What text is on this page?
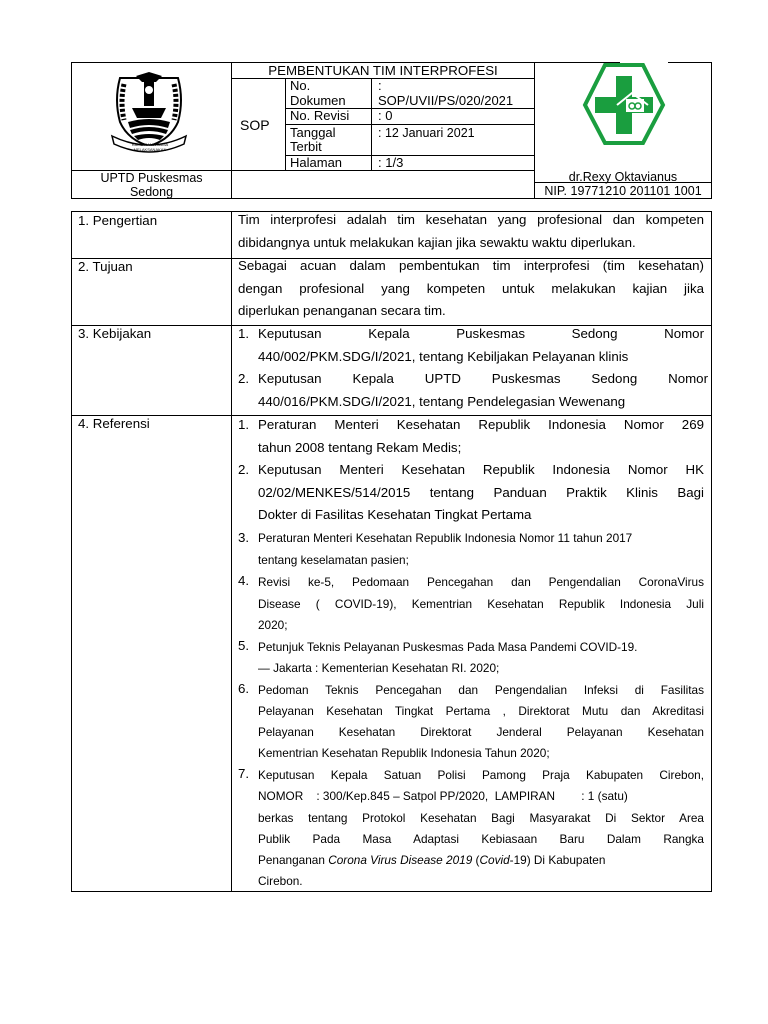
RAME RAMA SAMA MELAKSANAKAN
PEMBENTUKAN TIM INTERPROFESI
SOP
No.
Dokumen
:
SOP/UVII/PS/020/2021
No. Revisi : 0
Tanggal
Terbit
: 12 Januari 2021
Halaman	: 1/3
UPTD Puskesmas
Sedong
dr.Rexy Oktavianus
NIP. 19771210 201101 1001
1. Pengertian
2. Tujuan
3. Kebijakan
4. Referensi
Tim interprofesi adalah tim kesehatan yang profesional dan kompeten
dibidangnya untuk melakukan kajian jika sewaktu waktu diperlukan.
Sebagai acuan dalam pembentukan tim interprofesi (tim kesehatan)
dengan profesional yang kompeten untuk melakukan kajian jika
diperlukan penanganan secara tim.
1. Keputusan Kepala Puskesmas Sedong Nomor
440/002/PKM.SDG/I/2021, tentang Kebiljakan Pelayanan klinis
2. Keputusan Kepala UPTD Puskesmas Sedong Nomor
440/016/PKM.SDG/I/2021, tentang Pendelegasian Wewenang
1. Peraturan Menteri Kesehatan Republik Indonesia Nomor 269
tahun 2008 tentang Rekam Medis;
2. Keputusan Menteri Kesehatan Republik Indonesia Nomor HK
02/02/MENKES/514/2015 tentang Panduan Praktik Klinis Bagi
Dokter di Fasilitas Kesehatan Tingkat Pertama
3. Peraturan Menteri Kesehatan Republik Indonesia Nomor 11 tahun 2017
tentang keselamatan pasien;
4. Revisi ke-5, Pedomaan Pencegahan dan Pengendalian CoronaVirus
Disease ( COVID-19), Kementrian Kesehatan Republik Indonesia Juli
2020;
5. Petunjuk Teknis Pelayanan Puskesmas Pada Masa Pandemi COVID-19.
— Jakarta : Kementerian Kesehatan RI. 2020;
6. Pedoman Teknis Pencegahan dan Pengendalian Infeksi di Fasilitas
Pelayanan Kesehatan Tingkat Pertama , Direktorat Mutu dan Akreditasi
Pelayanan Kesehatan Direktorat Jenderal Pelayanan Kesehatan
Kementrian Kesehatan Republik Indonesia Tahun 2020;
7. Keputusan Kepala Satuan Polisi Pamong Praja Kabupaten Cirebon,
NOMOR    : 300/Kep.845 – Satpol PP/2020,  LAMPIRAN        : 1 (satu)
berkas tentang Protokol Kesehatan Bagi Masyarakat Di Sektor Area
Publik Pada Masa Adaptasi Kebiasaan Baru Dalam Rangka
Penanganan Corona Virus Disease 2019 (Covid-19) Di Kabupaten
Cirebon.
